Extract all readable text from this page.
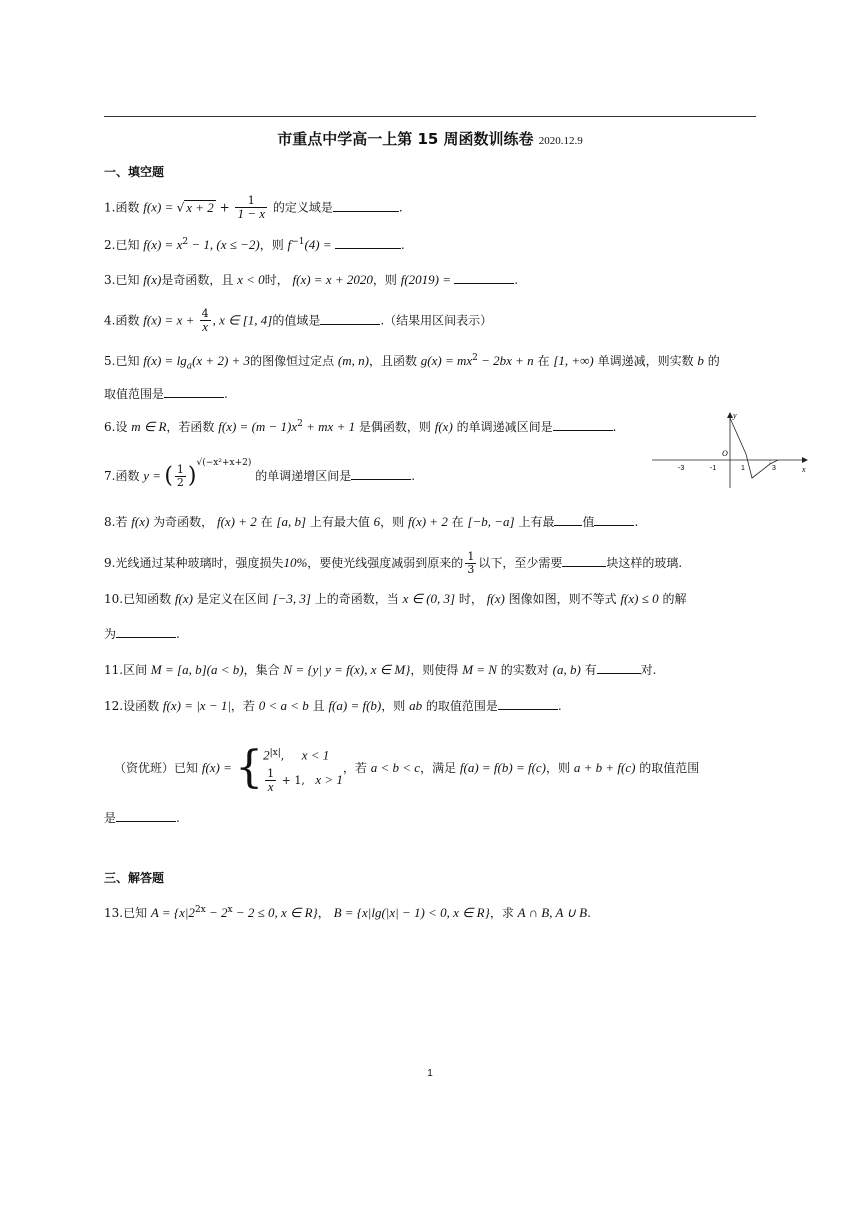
市重点中学高一上第 15 周函数训练卷 2020.12.9
一、填空题
1.函数 f(x) = √ $x + 2 + \frac{1}{1 - x}$ 的定义域是	.
2.已知 $f(x) = x^2 - 1$, (x ≤ −2)，则 $f^{-1}(4)$ =	.
3.已知 f(x)是奇函数，且 x < 0时， f(x) = x + 2020，则 f(2019) =	.
4.函数 $f(x) = x + \frac{4}{x}$ , x ∈ [1, 4]的值域是	.（结果用区间表示）
5.已知 $f(x) = \lg_a(x + 2) + 3$的图像恒过定点 (m, n)，且函数 $g(x) = mx^2 - 2bx + n$ 在 [1, +∞) 单调递减，则实数 b 的
取值范围是	.
6.设 m ∈ R，若函数 $f(x) = (m - 1)x^2$ + mx + 1 是偶函数，则 f(x) 的单调递减区间是	.
7.函数 y = ( $\frac{1}{2} )^{√(-x^2+x+2)}$ 的单调递增区间是	.
y
x
O
-3	-1	1	3
8.若 f(x) 为奇函数， f(x) + 2 在 [a, b] 上有最大值 6，则 f(x) + 2 在 [−b, −a] 上有最 值	.
9.光线通过某种玻璃时，强度损失10%，要使光线强度减弱到原来的 $\frac{1}{3}$ 以下，至少需要	块这样的玻璃.
10.已知函数 f(x) 是定义在区间 [−3, 3] 上的奇函数，当 x ∈ (0, 3] 时， f(x) 图像如图，则不等式 f(x) ≤ 0 的解
为	.
11.区间 M = [a, b](a < b)，集合 N = {y| y = f(x), x ∈ M}，则使得 M = N 的实数对 (a, b) 有	对.
12.设函数 f(x) = |x − 1|，若 0 < a < b 且 f(a) = f(b)，则 ab 的取值范围是	.
（资优班）已知 f(x) = { $2^{|x|}$,     x < 1
$\frac{1}{x} + 1$, x > 1
，若 a < b < c，满足 f(a) = f(b) = f(c)，则 a + b + f(c) 的取值范围
是	.
三、解答题
13.已知 $A = \{x|2^{2x} - 2^x - 2 \le 0$, x ∈ R}， B = {x|lg(|x| − 1) < 0, x ∈ R}，求 A ∩ B, A ∪ B.
1
